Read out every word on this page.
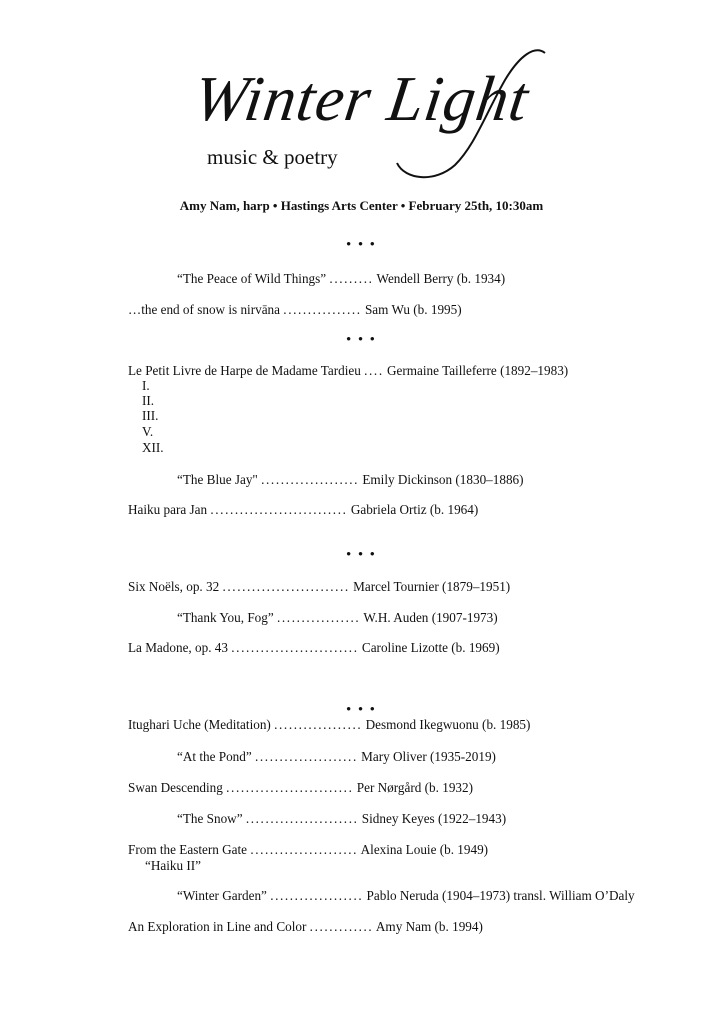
Winter Light
music & poetry
Amy Nam, harp • Hastings Arts Center • February 25th, 10:30am
• • •
• • •
• • •
• • •
“The Peace of Wild Things” ......... Wendell Berry (b. 1934)
…the end of snow is nirvāna ................ Sam Wu (b. 1995)
Le Petit Livre de Harpe de Madame Tardieu .... Germaine Tailleferre (1892–1983)
“The Blue Jay" .................... Emily Dickinson (1830–1886)
Haiku para Jan ............................ Gabriela Ortiz (b. 1964)
Six Noëls, op. 32 .......................... Marcel Tournier (1879–1951)
“Thank You, Fog” ................. W.H. Auden (1907-1973)
La Madone, op. 43 .......................... Caroline Lizotte (b. 1969)
Itughari Uche (Meditation) .................. Desmond Ikegwuonu (b. 1985)
“At the Pond” ..................... Mary Oliver (1935-2019)
Swan Descending .......................... Per Nørgård (b. 1932)
“The Snow” ....................... Sidney Keyes (1922–1943)
From the Eastern Gate ...................... Alexina Louie (b. 1949)
“Winter Garden” ................... Pablo Neruda (1904–1973) transl. William O’Daly
An Exploration in Line and Color ............. Amy Nam (b. 1994)
I.
II.
III.
V.
XII.
“Haiku II”
